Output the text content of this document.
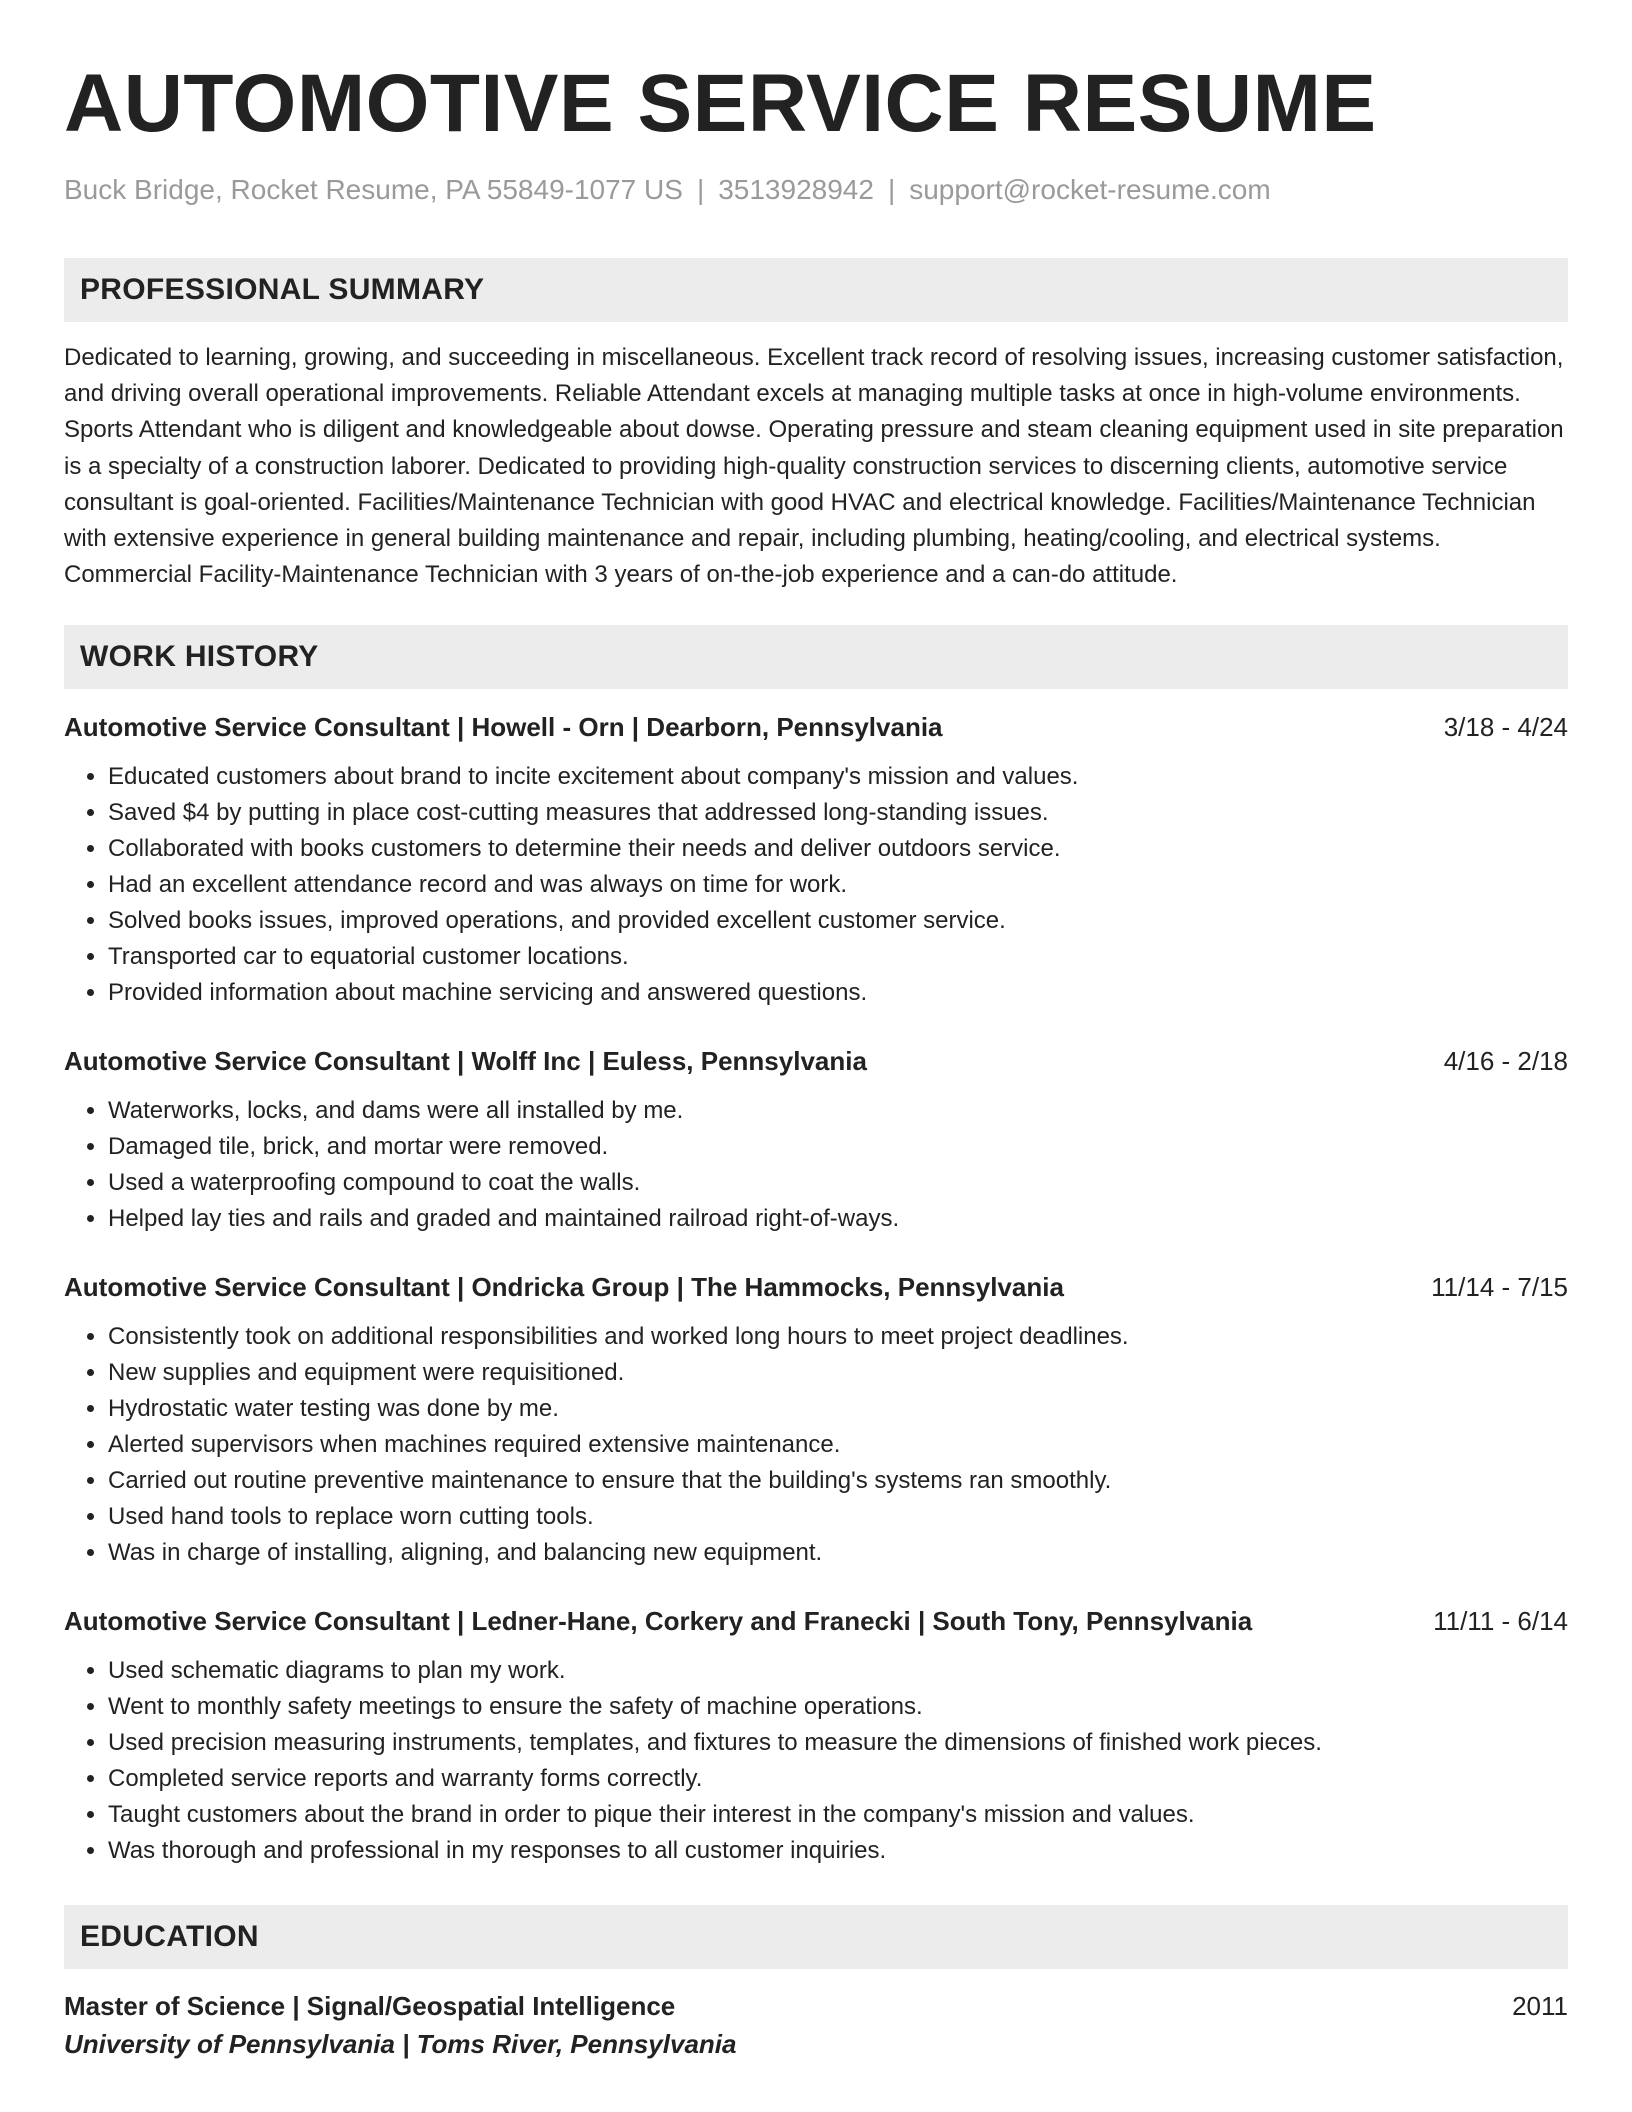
AUTOMOTIVE SERVICE RESUME
Buck Bridge, Rocket Resume, PA 55849-1077 US | 3513928942 | support@rocket-resume.com
PROFESSIONAL SUMMARY
Dedicated to learning, growing, and succeeding in miscellaneous. Excellent track record of resolving issues, increasing customer satisfaction, and driving overall operational improvements. Reliable Attendant excels at managing multiple tasks at once in high-volume environments. Sports Attendant who is diligent and knowledgeable about dowse. Operating pressure and steam cleaning equipment used in site preparation is a specialty of a construction laborer. Dedicated to providing high-quality construction services to discerning clients, automotive service consultant is goal-oriented. Facilities/Maintenance Technician with good HVAC and electrical knowledge. Facilities/Maintenance Technician with extensive experience in general building maintenance and repair, including plumbing, heating/cooling, and electrical systems. Commercial Facility-Maintenance Technician with 3 years of on-the-job experience and a can-do attitude.
WORK HISTORY
Automotive Service Consultant | Howell - Orn | Dearborn, Pennsylvania	3/18 - 4/24
• Educated customers about brand to incite excitement about company's mission and values.
• Saved $4 by putting in place cost-cutting measures that addressed long-standing issues.
• Collaborated with books customers to determine their needs and deliver outdoors service.
• Had an excellent attendance record and was always on time for work.
• Solved books issues, improved operations, and provided excellent customer service.
• Transported car to equatorial customer locations.
• Provided information about machine servicing and answered questions.
Automotive Service Consultant | Wolff Inc | Euless, Pennsylvania	4/16 - 2/18
• Waterworks, locks, and dams were all installed by me.
• Damaged tile, brick, and mortar were removed.
• Used a waterproofing compound to coat the walls.
• Helped lay ties and rails and graded and maintained railroad right-of-ways.
Automotive Service Consultant | Ondricka Group | The Hammocks, Pennsylvania	11/14 - 7/15
• Consistently took on additional responsibilities and worked long hours to meet project deadlines.
• New supplies and equipment were requisitioned.
• Hydrostatic water testing was done by me.
• Alerted supervisors when machines required extensive maintenance.
• Carried out routine preventive maintenance to ensure that the building's systems ran smoothly.
• Used hand tools to replace worn cutting tools.
• Was in charge of installing, aligning, and balancing new equipment.
Automotive Service Consultant | Ledner-Hane, Corkery and Franecki | South Tony, Pennsylvania	11/11 - 6/14
• Used schematic diagrams to plan my work.
• Went to monthly safety meetings to ensure the safety of machine operations.
• Used precision measuring instruments, templates, and fixtures to measure the dimensions of finished work pieces.
• Completed service reports and warranty forms correctly.
• Taught customers about the brand in order to pique their interest in the company's mission and values.
• Was thorough and professional in my responses to all customer inquiries.
EDUCATION
Master of Science | Signal/Geospatial Intelligence	2011
University of Pennsylvania | Toms River, Pennsylvania
